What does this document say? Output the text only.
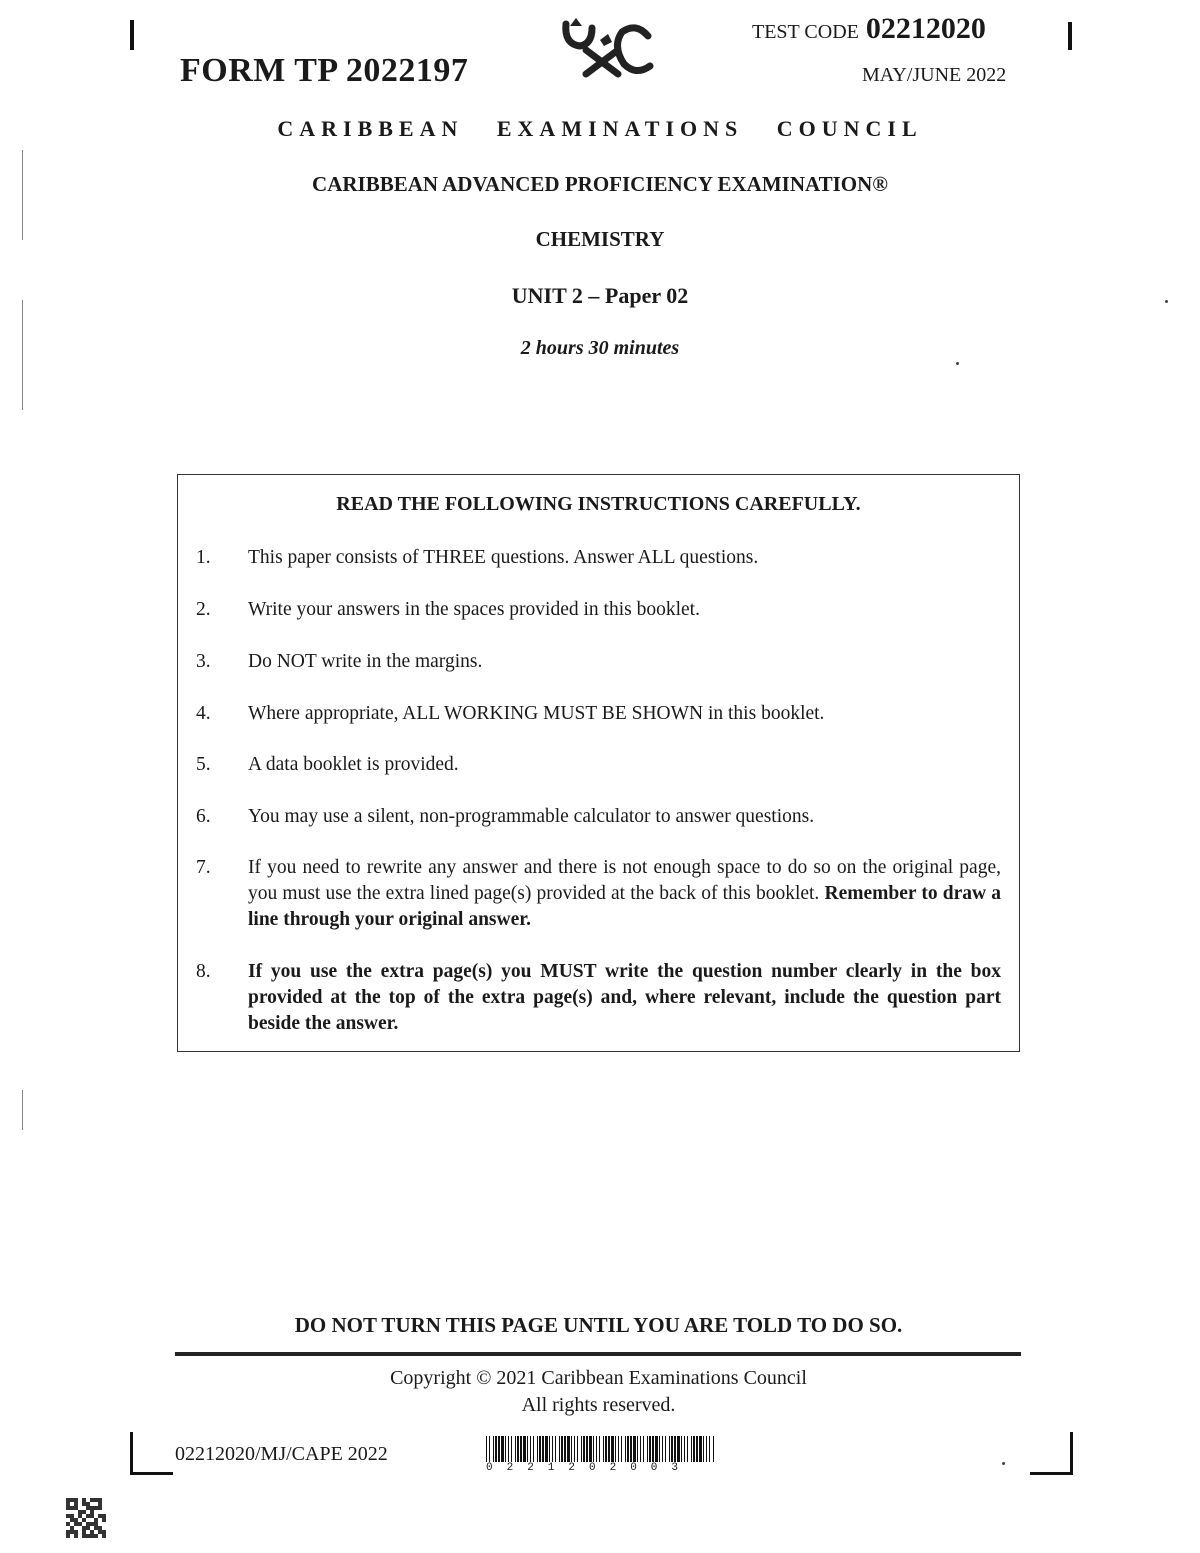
FORM TP 2022197
TEST CODE 02212020
MAY/JUNE 2022
CARIBBEAN EXAMINATIONS COUNCIL
CARIBBEAN ADVANCED PROFICIENCY EXAMINATION®
CHEMISTRY
UNIT 2 – Paper 02
2 hours 30 minutes
READ THE FOLLOWING INSTRUCTIONS CAREFULLY.
1.	This paper consists of THREE questions. Answer ALL questions.
2.	Write your answers in the spaces provided in this booklet.
3.	Do NOT write in the margins.
4.	Where appropriate, ALL WORKING MUST BE SHOWN in this booklet.
5.	A data booklet is provided.
6.	You may use a silent, non-programmable calculator to answer questions.
7.	If you need to rewrite any answer and there is not enough space to do so on the original page, you must use the extra lined page(s) provided at the back of this booklet. Remember to draw a line through your original answer.
8.	If you use the extra page(s) you MUST write the question number clearly in the box provided at the top of the extra page(s) and, where relevant, include the question part beside the answer.
DO NOT TURN THIS PAGE UNTIL YOU ARE TOLD TO DO SO.
Copyright © 2021 Caribbean Examinations Council
All rights reserved.
02212020/MJ/CAPE 2022
0221202003
